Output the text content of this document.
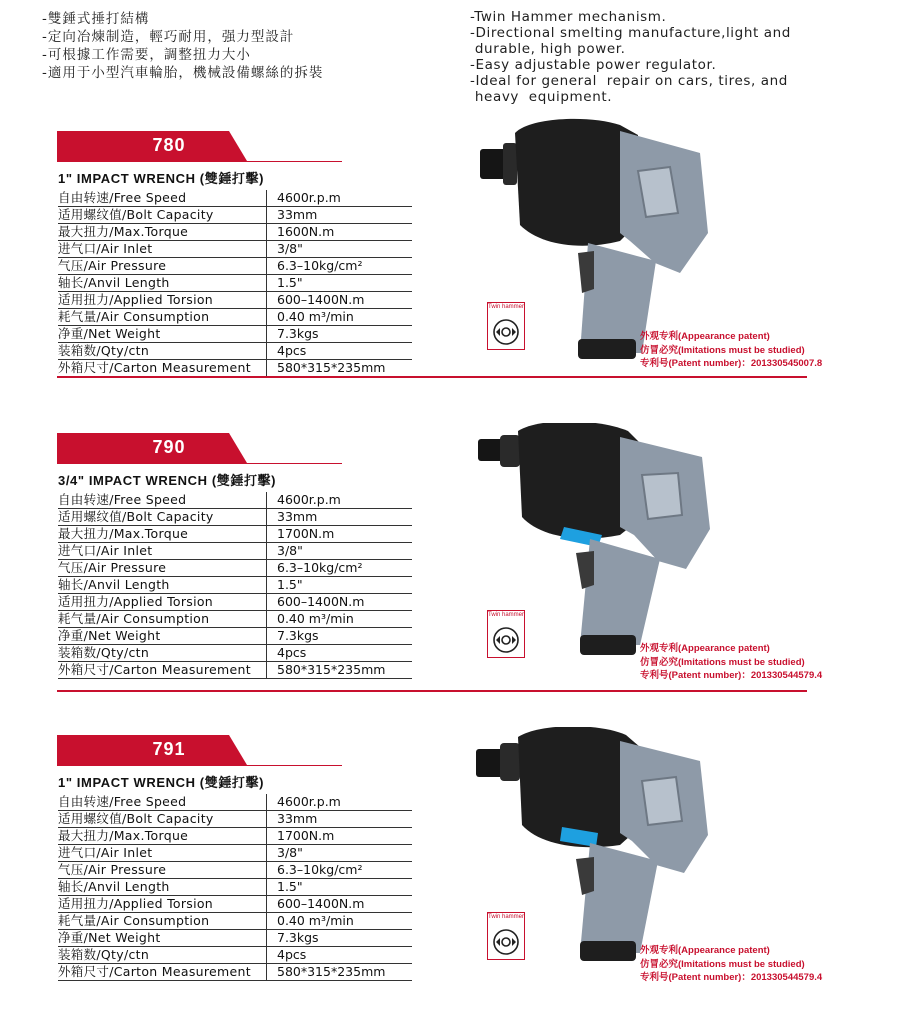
-雙錘式捶打結構
-定向冶煉制造，輕巧耐用，强力型設計
-可根據工作需要，調整扭力大小
-適用于小型汽車輪胎，機械設備螺絲的拆裝
-Twin Hammer mechanism.
-Directional smelting manufacture,light and
durable, high power.
-Easy adjustable power regulator.
-Ideal for general  repair on cars, tires, and
heavy  equipment.
780
1" IMPACT WRENCH (雙錘打擊)
自由转速/Free Speed	4600r.p.m
适用螺纹值/Bolt Capacity	33mm
最大扭力/Max.Torque	1600N.m
进气口/Air Inlet	3/8"
气压/Air Pressure	6.3–10kg/cm²
轴长/Anvil Length	1.5"
适用扭力/Applied Torsion	600–1400N.m
耗气量/Air Consumption	0.40 m³/min
净重/Net Weight	7.3kgs
装箱数/Qty/ctn	4pcs
外箱尺寸/Carton Measurement	580*315*235mm
Twin hammer
外观专利(Appearance patent)
仿冒必究(Imitations must be studied)
专利号(Patent number)：201330545007.8
790
3/4" IMPACT WRENCH (雙錘打擊)
自由转速/Free Speed	4600r.p.m
适用螺纹值/Bolt Capacity	33mm
最大扭力/Max.Torque	1700N.m
进气口/Air Inlet	3/8"
气压/Air Pressure	6.3–10kg/cm²
轴长/Anvil Length	1.5"
适用扭力/Applied Torsion	600–1400N.m
耗气量/Air Consumption	0.40 m³/min
净重/Net Weight	7.3kgs
装箱数/Qty/ctn	4pcs
外箱尺寸/Carton Measurement	580*315*235mm
Twin hammer
外观专利(Appearance patent)
仿冒必究(Imitations must be studied)
专利号(Patent number)：201330544579.4
791
1" IMPACT WRENCH (雙錘打擊)
自由转速/Free Speed	4600r.p.m
适用螺纹值/Bolt Capacity	33mm
最大扭力/Max.Torque	1700N.m
进气口/Air Inlet	3/8"
气压/Air Pressure	6.3–10kg/cm²
轴长/Anvil Length	1.5"
适用扭力/Applied Torsion	600–1400N.m
耗气量/Air Consumption	0.40 m³/min
净重/Net Weight	7.3kgs
装箱数/Qty/ctn	4pcs
外箱尺寸/Carton Measurement	580*315*235mm
Twin hammer
外观专利(Appearance patent)
仿冒必究(Imitations must be studied)
专利号(Patent number)：201330544579.4
